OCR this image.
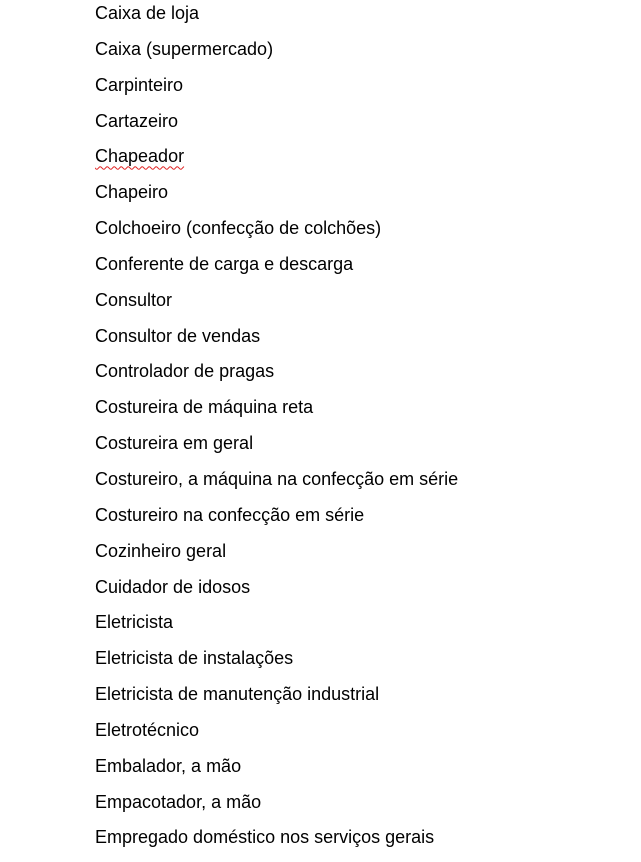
Caixa de loja
Caixa (supermercado)
Carpinteiro
Cartazeiro
Chapeador
Chapeiro
Colchoeiro (confecção de colchões)
Conferente de carga e descarga
Consultor
Consultor de vendas
Controlador de pragas
Costureira de máquina reta
Costureira em geral
Costureiro, a máquina na confecção em série
Costureiro na confecção em série
Cozinheiro geral
Cuidador de idosos
Eletricista
Eletricista de instalações
Eletricista de manutenção industrial
Eletrotécnico
Embalador, a mão
Empacotador, a mão
Empregado doméstico nos serviços gerais
